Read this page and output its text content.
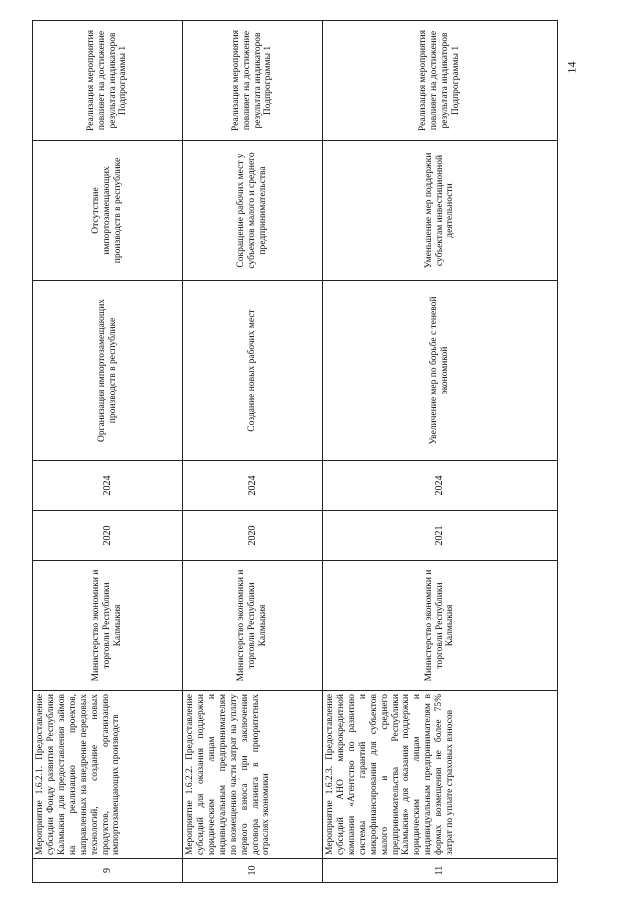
14
9	Мероприятие 1.6.2.1. Предоставление субсидии Фонду развития Республики Калмыкия для предоставления займов на реализацию проектов, направленных на внедрение передовых технологий, создание новых продуктов, организацию импортозамещающих производств	Министерство экономики и торговли Республики Калмыкия	2020	2024	Организация импортозамещающих производств в республике	Отсутствие импортозамещающих производств в республике	Реализация мероприятия повлияет на достижение результата индикаторов Подпрограммы 1
10	Мероприятие 1.6.2.2. Предоставление субсидий для оказания поддержки юридическим лицам и индивидуальным предпринимателям по возмещению части затрат на уплату первого взноса при заключении договора лизинга в приоритетных отраслях экономики	Министерство экономики и торговли Республики Калмыкия	2020	2024	Создание новых рабочих мест	Сокращение рабочих мест у субъектов малого и среднего предпринимательства	Реализация мероприятия повлияет на достижение результата индикаторов Подпрограммы 1
11	Мероприятие 1.6.2.3. Предоставление субсидий АНО микрокредитной компании «Агентство по развитию системы гарантий и микрофинансирования для субъектов малого и среднего предпринимательства Республики Калмыкия» для оказания поддержки юридическим лицам и индивидуальным предпринимателям в формах возмещения не более 75% затрат по уплате страховых взносов	Министерство экономики и торговли Республики Калмыкия	2021	2024	Увеличение мер по борьбе с теневой экономикой	Уменьшение мер поддержки субъектам инвестиционной деятельности	Реализация мероприятия повлияет на достижение результата индикаторов Подпрограммы 1
